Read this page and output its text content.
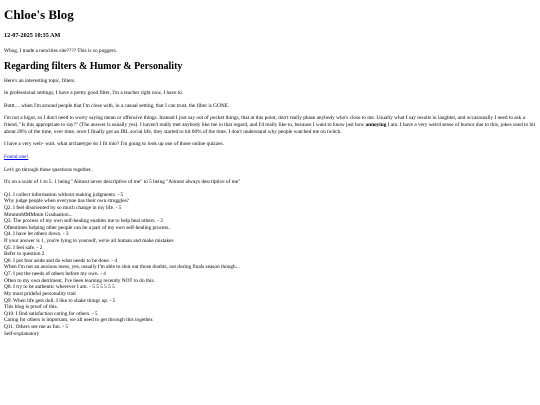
Chloe's Blog
12-07-2025 10:35 AM

Whog, I made a neocities site???? This is so poggers.

Regarding filters & Humor & Personality

Here's an interesting topic, filters.

In professional settings, I have a pretty good filter, I'm a teacher right now, I have to.

Buttt.... when I'm around people that I'm close with, in a casual setting, that I can trust, the filter is GONE.

I'm not a bigot, so I don't need to worry saying mean or offensive things. Instead I just say out of pocket things, that at this point, don't really phase anybody who's close to me. Usually what I say results in laughter, and occasionally I need to ask a friend, "Is this appropriate to say?" (The answer is usually yes). I haven't really met anybody like me in that regard, and I'd really like to, because I want to know just how annoying I am. I have a very weird sense of humor due to this, jokes used to hit about 20% of the time, over time, once I finally got an IRL social life, they started to hit 60% of the time. I don't understand why people watched me on twitch.

I have a very weir- wait. what archaetype do I fit into? I'm going to look up one of those online quizzes.

Found one!

Let's go through these questions together..

It's on a scale of 1 to 5. 1 being "Almost never descriptive of me" to 5 being "Almost always descriptive of me"

Q1. I collect information without making judgments. - 5
Why judge people when everyone has their own struggles?
Q2. I feel disoriented by so much change in my life. - 5
MmmmMMMmm Graduation...
Q3. The process of my own self-healing enables me to help heal others. - 3
Oftentimes helping other people can be a part of my own self-healing process.
Q4. I have let others down. - 3
If your answer is 1, you're lying to yourself, we're all human and make mistakes
Q5. I feel safe. - 2
Refer to question 2
Q6. I put fear aside and do what needs to be done. - 4
When I'm not an anxious mess, yes, usually I'm able to shut out those doubts, not during finals season though...
Q7. I put the needs of others before my own. - 4
Often to my own detriment, I've been learning recently NOT to do this.
Q8. I try to be authentic wherever I am. - 5 5 5 5 5 5
My most prideful personality trait
Q9. When life gets dull, I like to shake things up. - 5
This blog is proof of this.
Q10. I find satisfaction caring for others. - 5
Caring for others is important, we all need to get through this together.
Q11. Others see me as fun. - 5
Self-explanatory
